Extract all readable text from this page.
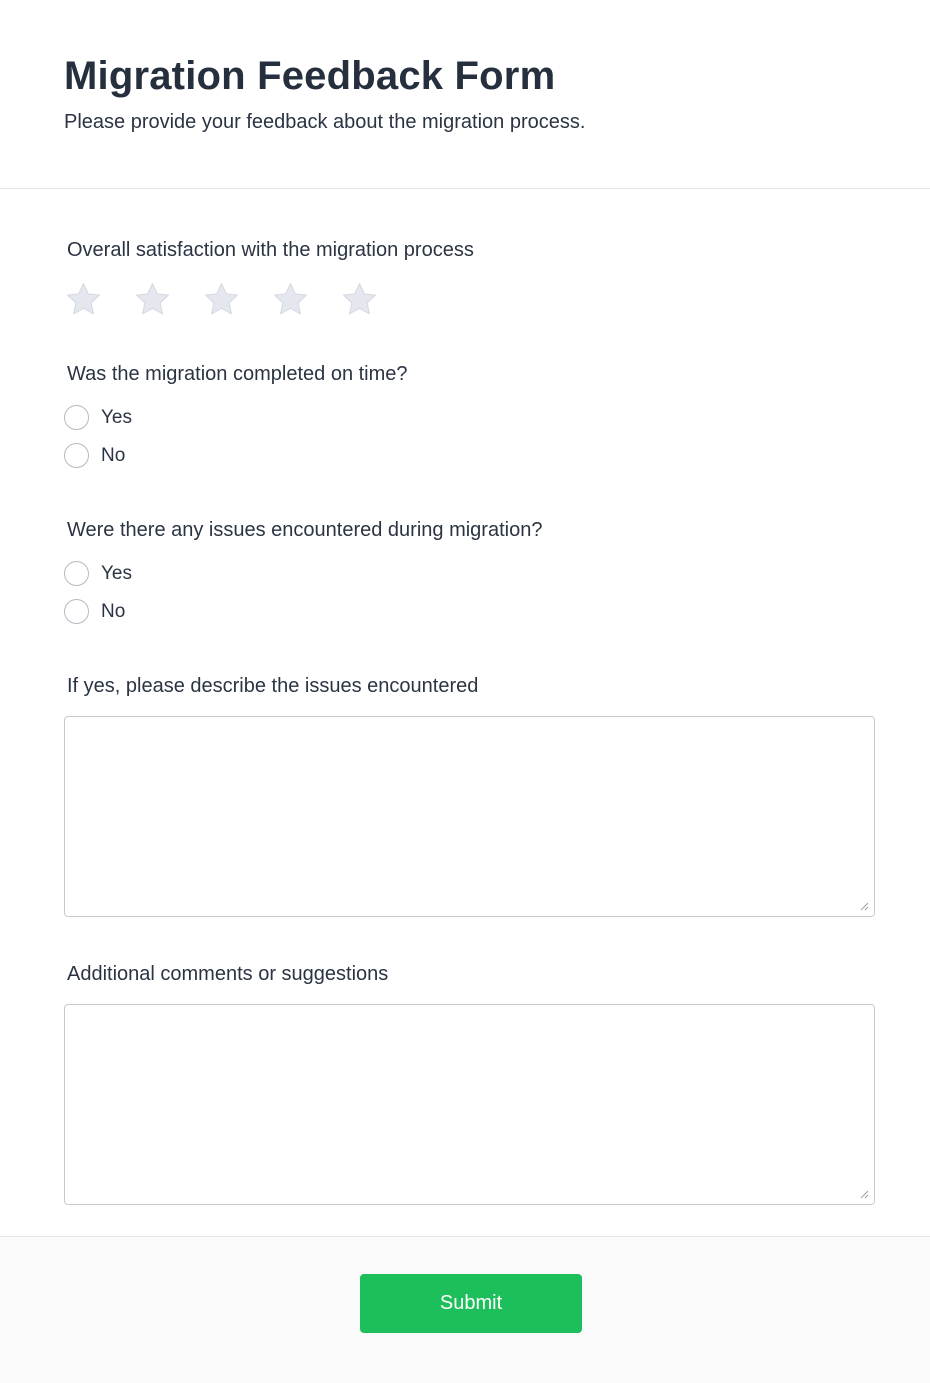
Migration Feedback Form

Please provide your feedback about the migration process.

Overall satisfaction with the migration process
Was the migration completed on time?
Yes
No
Were there any issues encountered during migration?
Yes
No
If yes, please describe the issues encountered
Additional comments or suggestions
Submit
